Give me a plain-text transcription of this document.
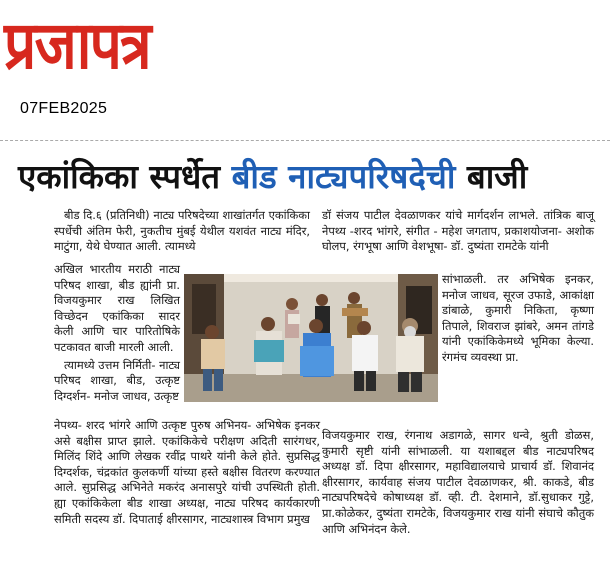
प्रजापत्र
07FEB2025
एकांकिका स्पर्धेत बीड नाट्यपरिषदेची बाजी

बीड दि.६ (प्रतिनिधी) नाट्य परिषदेच्या शाखांतर्गत एकांकिका स्पर्धेची अंतिम फेरी, नुकतीच मुंबई येथील यशवंत नाट्य मंदिर, माटुंगा, येथे घेण्यात आली. त्यामध्ये

अखिल भारतीय मराठी नाट्य परिषद शाखा, बीड ह्यांनी प्रा. विजयकुमार राख लिखित विच्छेदन एकांकिका सादर केली आणि चार पारितोषिके पटकावत बाजी मारली आली.

त्यामध्ये उत्तम निर्मिती- नाट्य परिषद शाखा, बीड, उत्कृष्ट दिग्दर्शन- मनोज जाधव, उत्कृष्ट

नेपथ्य- शरद भांगरे आणि उत्कृष्ट पुरुष अभिनय- अभिषेक इनकर असे बक्षीस प्राप्त झाले. एकांकिकेचे परीक्षण अदिती सारंगधर, मिलिंद शिंदे आणि लेखक रवींद्र पाथरे यांनी केले होते. सुप्रसिद्ध दिग्दर्शक, चंद्रकांत कुलकर्णी यांच्या हस्ते बक्षीस वितरण करण्यात आले. सुप्रसिद्ध अभिनेते मकरंद अनासपुरे यांची उपस्थिती होती. ह्या एकांकिकेला बीड शाखा अध्यक्ष, नाट्य परिषद कार्यकारणी समिती सदस्य डॉ. दिपाताई क्षीरसागर, नाट्यशास्त्र विभाग प्रमुख

डॉ संजय पाटील देवळाणकर यांचे मार्गदर्शन लाभले. तांत्रिक बाजू नेपथ्य -शरद भांगरे, संगीत - महेश जगताप, प्रकाशयोजना- अशोक घोलप, रंगभूषा आणि वेशभूषा- डॉ. दुष्यंता रामटेके यांनी

सांभाळली. तर अभिषेक इनकर, मनोज जाधव, सूरज उफाडे, आकांक्षा डांबाळे, कुमारी निकिता, कृष्णा तिपाले, शिवराज झांबरे, अमन तांगडे यांनी एकांकिकेमध्ये भूमिका केल्या. रंगमंच व्यवस्था प्रा.

विजयकुमार राख, रंगनाथ अडागळे, सागर धन्वे, श्रुती डोळस, कुमारी सृष्टी यांनी सांभाळली. या यशाबद्दल बीड नाट्यपरिषद अध्यक्ष डॉ. दिपा क्षीरसागर, महाविद्यालयाचे प्राचार्य डॉ. शिवानंद क्षीरसागर, कार्यवाह संजय पाटील देवळाणकर, श्री. काकडे, बीड नाट्यपरिषदेचे कोषाध्यक्ष डॉ. व्ही. टी. देशमाने, डॉ.सुधाकर गुट्टे, प्रा.कोळेकर, दुष्यंता रामटेके, विजयकुमार राख यांनी संघाचे कौतुक आणि अभिनंदन केले.
